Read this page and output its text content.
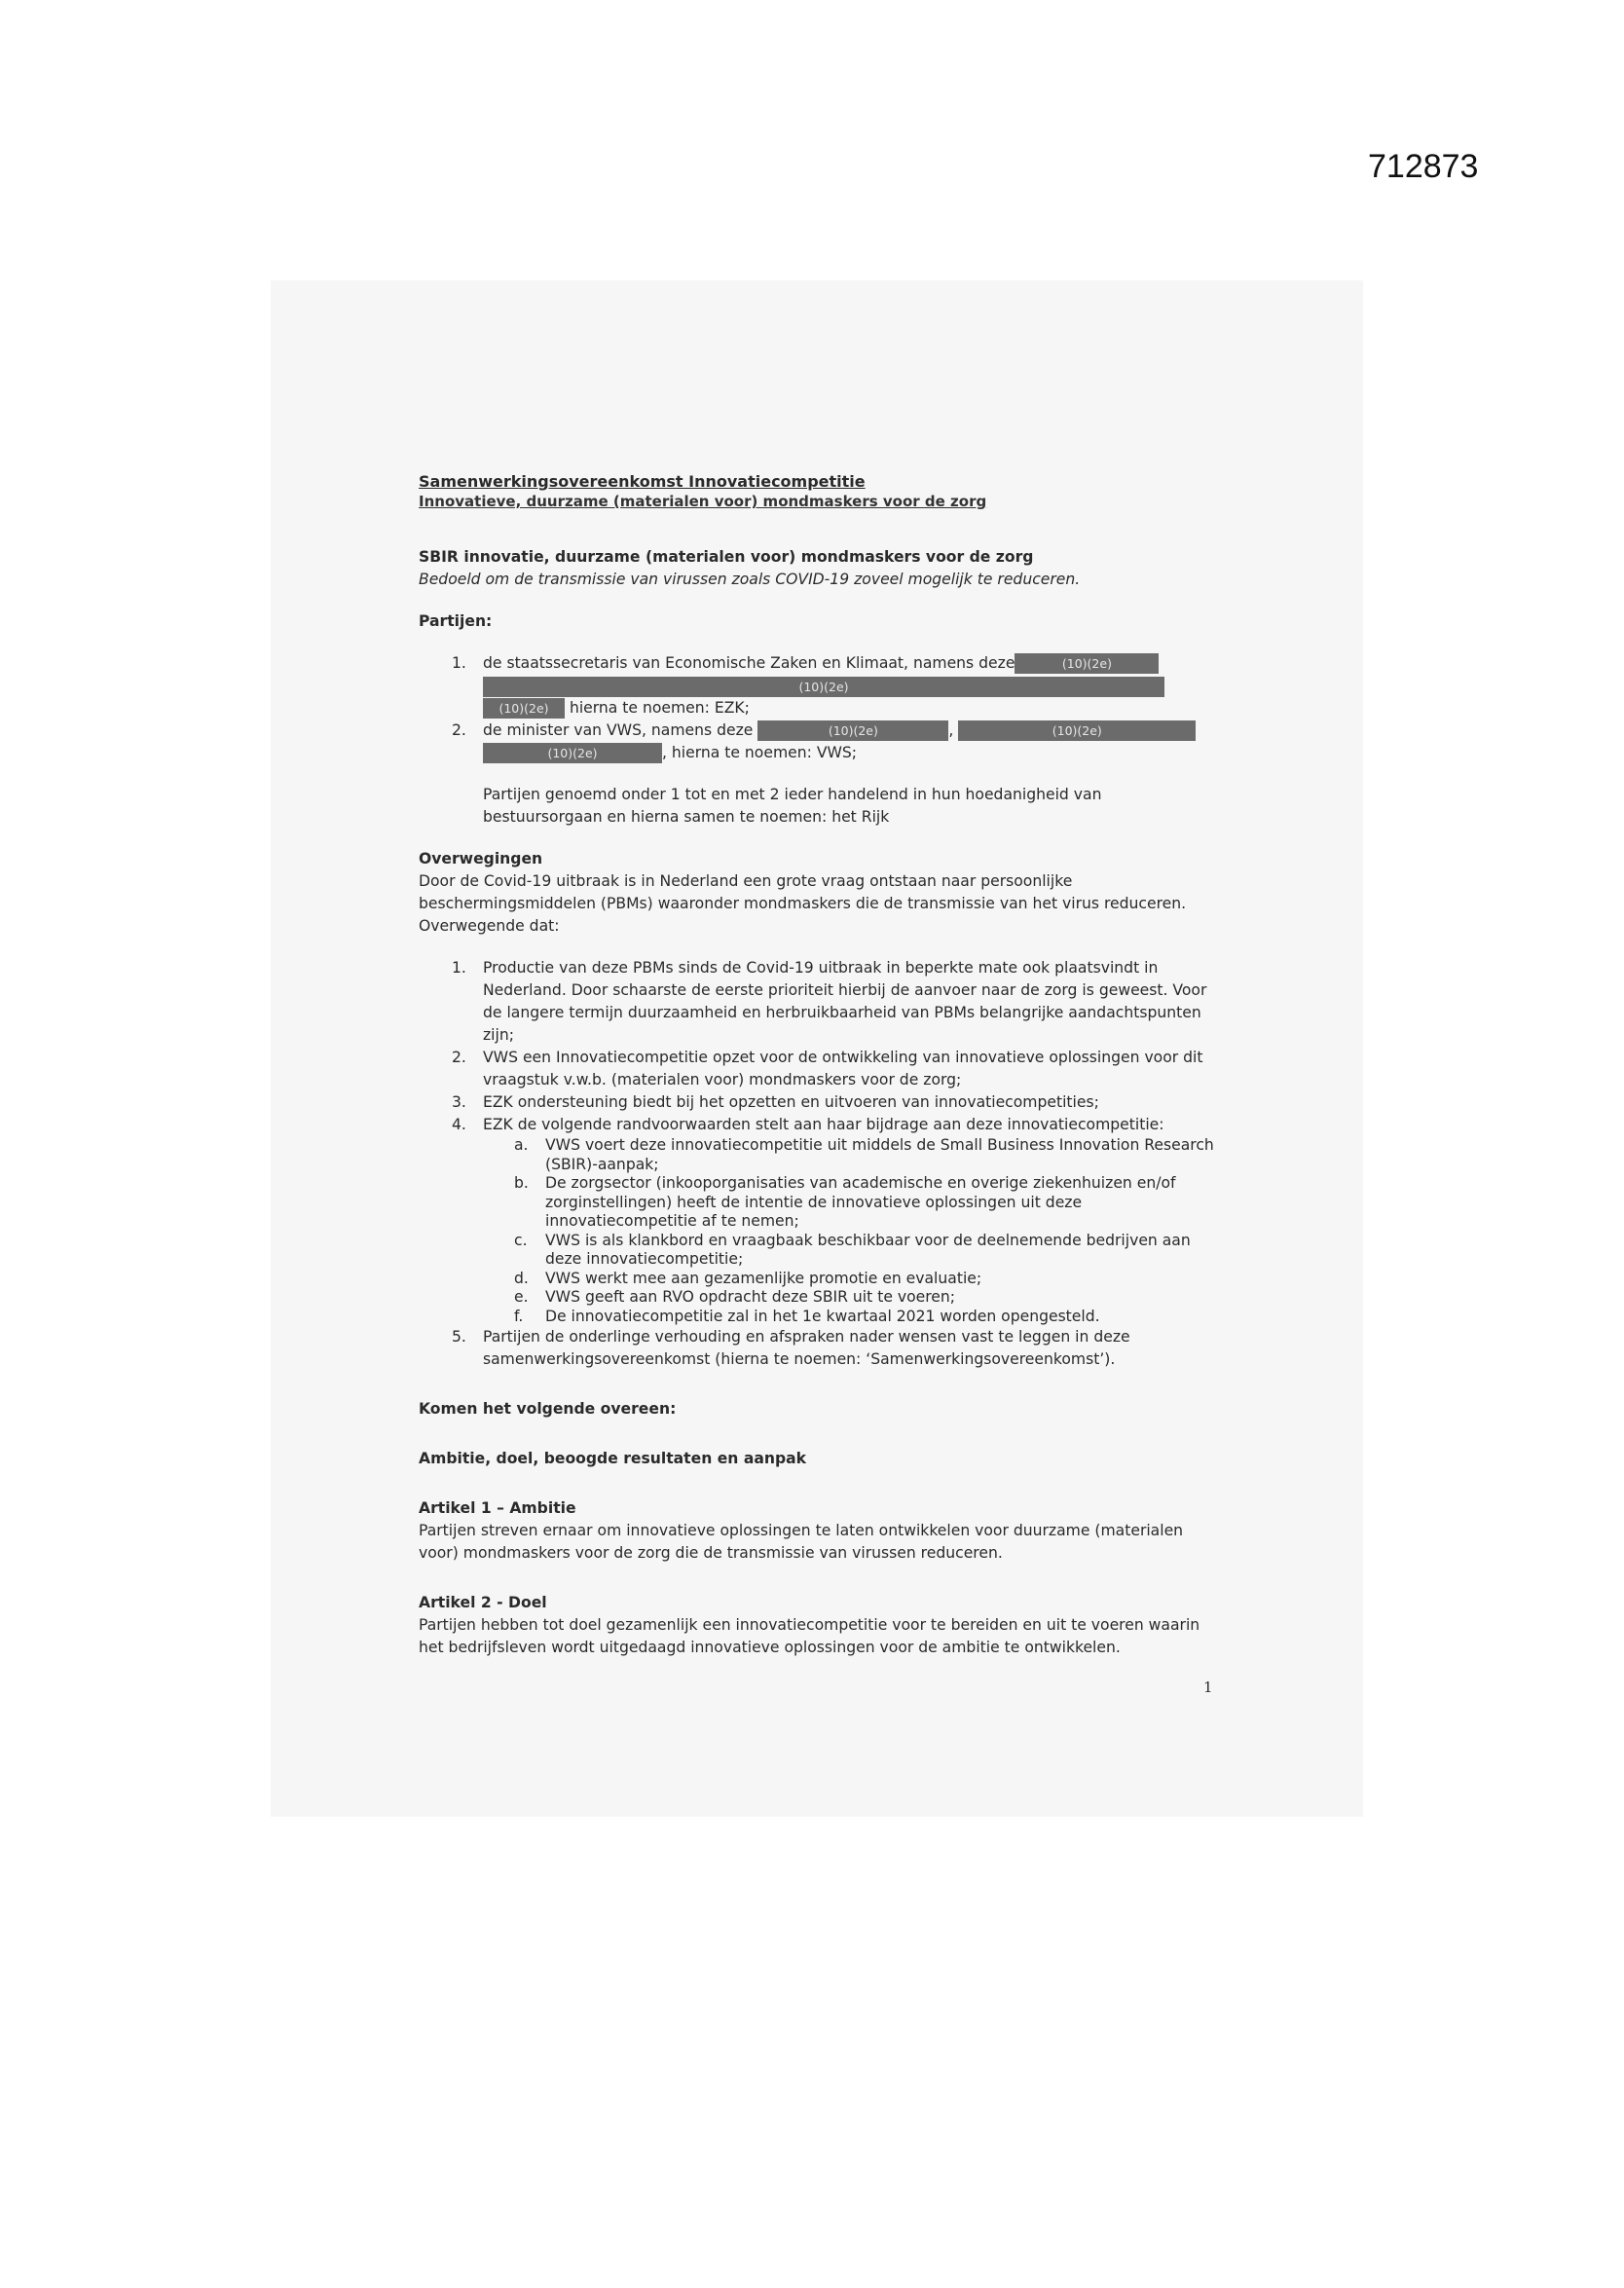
712873

Samenwerkingsovereenkomst Innovatiecompetitie

Innovatieve, duurzame (materialen voor) mondmaskers voor de zorg

SBIR innovatie, duurzame (materialen voor) mondmaskers voor de zorg

Bedoeld om de transmissie van virussen zoals COVID-19 zoveel mogelijk te reduceren.

Partijen:

1. de staatssecretaris van Economische Zaken en Klimaat, namens deze	(10)(2e)
(10)(2e)
(10)(2e) hierna te noemen: EZK;
2. de minister van VWS, namens deze	(10)(2e)	,	(10)(2e)
(10)(2e)	, hierna te noemen: VWS;

Partijen genoemd onder 1 tot en met 2 ieder handelend in hun hoedanigheid van bestuursorgaan en hierna samen te noemen: het Rijk

Overwegingen

Door de Covid-19 uitbraak is in Nederland een grote vraag ontstaan naar persoonlijke beschermingsmiddelen (PBMs) waaronder mondmaskers die de transmissie van het virus reduceren. Overwegende dat:

1. Productie van deze PBMs sinds de Covid-19 uitbraak in beperkte mate ook plaatsvindt in Nederland. Door schaarste de eerste prioriteit hierbij de aanvoer naar de zorg is geweest. Voor de langere termijn duurzaamheid en herbruikbaarheid van PBMs belangrijke aandachtspunten zijn;
2. VWS een Innovatiecompetitie opzet voor de ontwikkeling van innovatieve oplossingen voor dit vraagstuk v.w.b. (materialen voor) mondmaskers voor de zorg;
3. EZK ondersteuning biedt bij het opzetten en uitvoeren van innovatiecompetities;
4. EZK de volgende randvoorwaarden stelt aan haar bijdrage aan deze innovatiecompetitie:
a. VWS voert deze innovatiecompetitie uit middels de Small Business Innovation Research (SBIR)-aanpak;
b. De zorgsector (inkooporganisaties van academische en overige ziekenhuizen en/of zorginstellingen) heeft de intentie de innovatieve oplossingen uit deze innovatiecompetitie af te nemen;
c. VWS is als klankbord en vraagbaak beschikbaar voor de deelnemende bedrijven aan deze innovatiecompetitie;
d. VWS werkt mee aan gezamenlijke promotie en evaluatie;
e. VWS geeft aan RVO opdracht deze SBIR uit te voeren;
f. De innovatiecompetitie zal in het 1e kwartaal 2021 worden opengesteld.
5. Partijen de onderlinge verhouding en afspraken nader wensen vast te leggen in deze samenwerkingsovereenkomst (hierna te noemen: ‘Samenwerkingsovereenkomst’).

Komen het volgende overeen:

Ambitie, doel, beoogde resultaten en aanpak

Artikel 1 – Ambitie

Partijen streven ernaar om innovatieve oplossingen te laten ontwikkelen voor duurzame (materialen voor) mondmaskers voor de zorg die de transmissie van virussen reduceren.

Artikel 2 - Doel

Partijen hebben tot doel gezamenlijk een innovatiecompetitie voor te bereiden en uit te voeren waarin het bedrijfsleven wordt uitgedaagd innovatieve oplossingen voor de ambitie te ontwikkelen.

1
